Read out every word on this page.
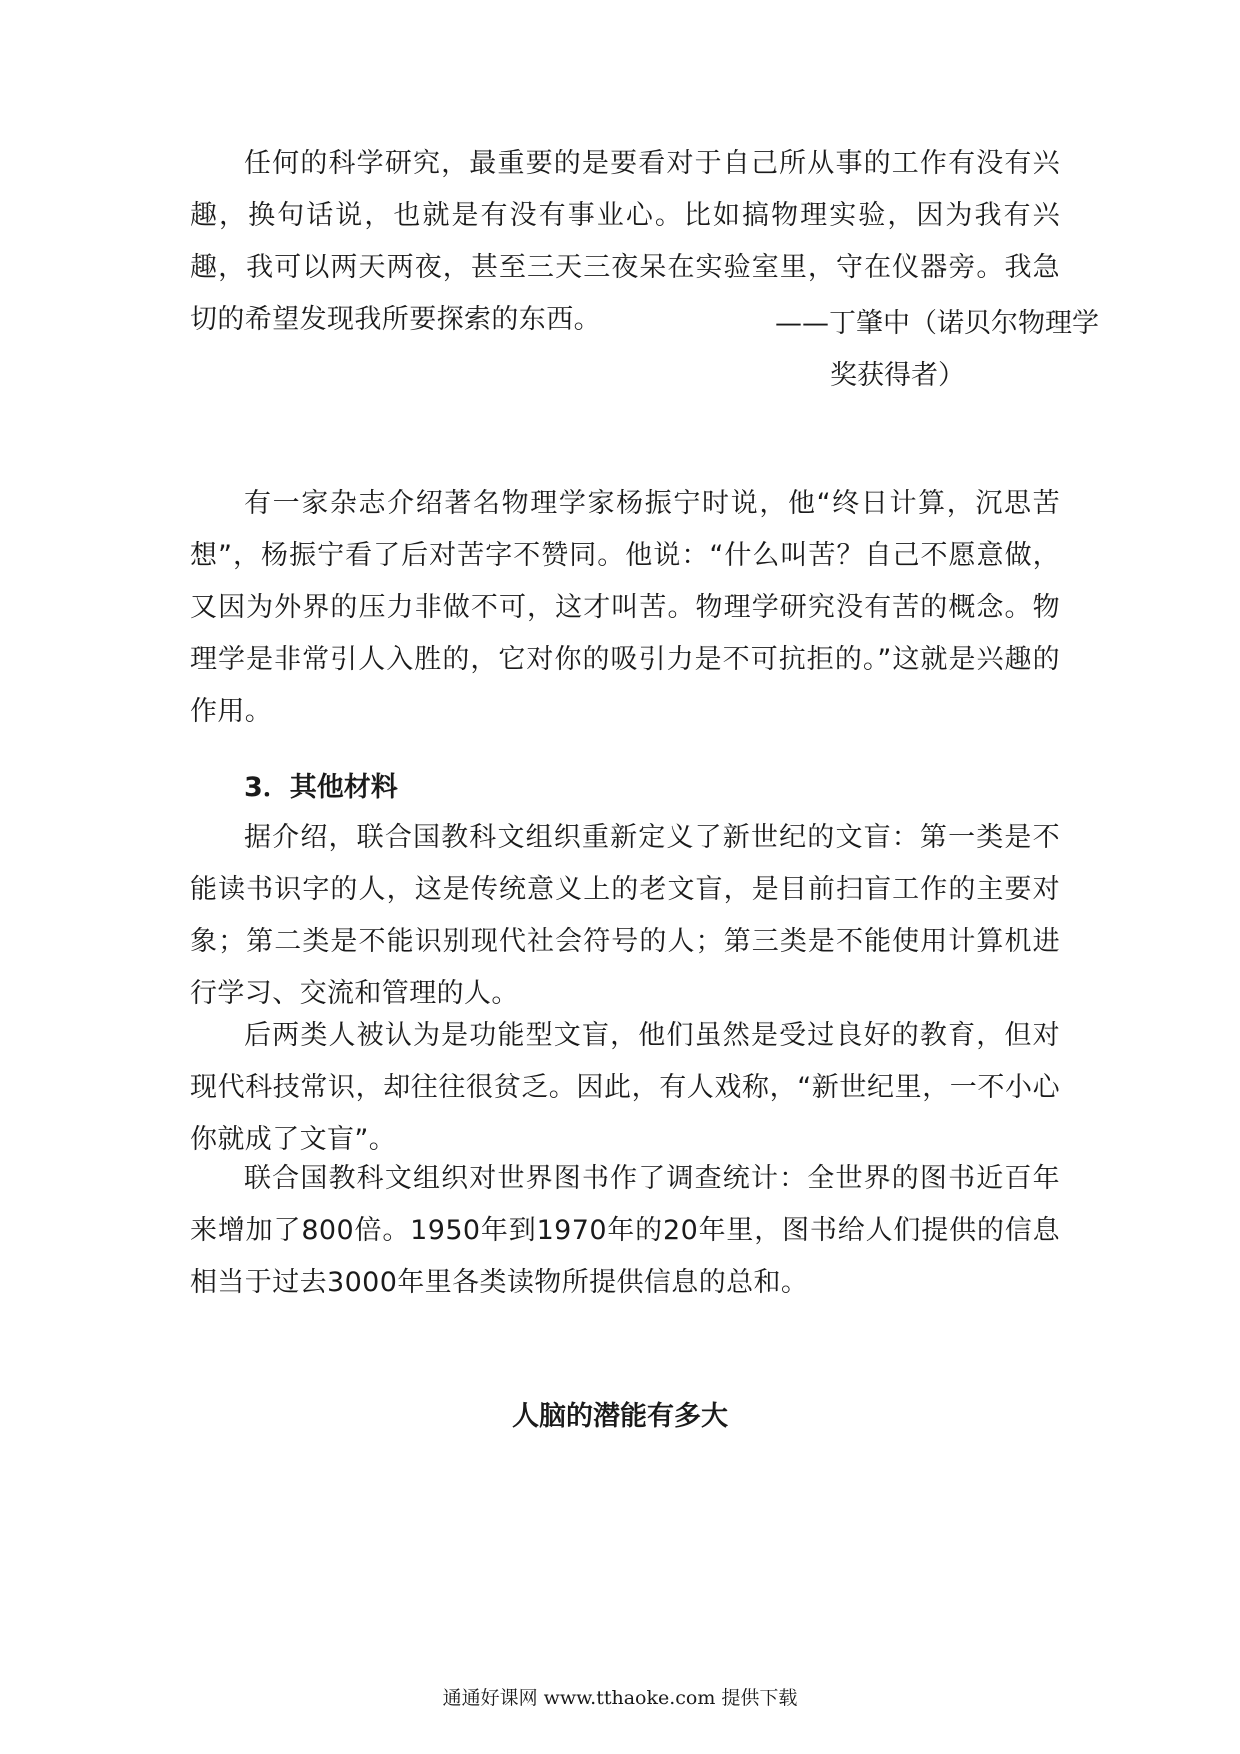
任何的科学研究，最重要的是要看对于自己所从事的工作有没有兴趣，换句话说，也就是有没有事业心。比如搞物理实验，因为我有兴趣，我可以两天两夜，甚至三天三夜呆在实验室里，守在仪器旁。我急切的希望发现我所要探索的东西。	——丁肇中（诺贝尔物理学

奖获得者）

有一家杂志介绍著名物理学家杨振宁时说，他“终日计算，沉思苦想”，杨振宁看了后对苦字不赞同。他说：“什么叫苦？自己不愿意做，又因为外界的压力非做不可，这才叫苦。物理学研究没有苦的概念。物理学是非常引人入胜的，它对你的吸引力是不可抗拒的。”这就是兴趣的作用。

3．其他材料

据介绍，联合国教科文组织重新定义了新世纪的文盲：第一类是不能读书识字的人，这是传统意义上的老文盲，是目前扫盲工作的主要对象；第二类是不能识别现代社会符号的人；第三类是不能使用计算机进行学习、交流和管理的人。

后两类人被认为是功能型文盲，他们虽然是受过良好的教育，但对现代科技常识，却往往很贫乏。因此，有人戏称，“新世纪里，一不小心你就成了文盲”。

联合国教科文组织对世界图书作了调查统计：全世界的图书近百年来增加了800倍。1950年到1970年的20年里，图书给人们提供的信息相当于过去3000年里各类读物所提供信息的总和。

人脑的潜能有多大

通通好课网 www.tthaoke.com 提供下载
